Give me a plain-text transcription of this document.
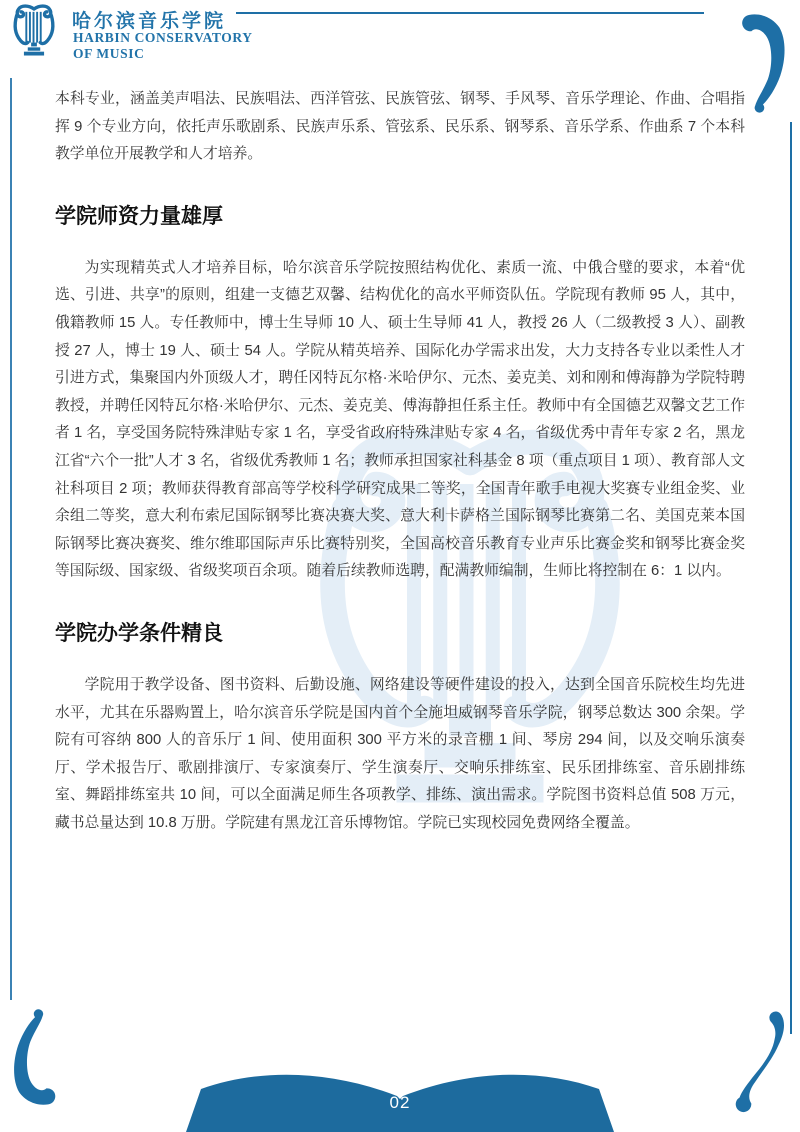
哈尔滨音乐学院
HARBIN CONSERVATORY
OF MUSIC

本科专业，涵盖美声唱法、民族唱法、西洋管弦、民族管弦、钢琴、手风琴、音乐学理论、作曲、合唱指挥 9 个专业方向，依托声乐歌剧系、民族声乐系、管弦系、民乐系、钢琴系、音乐学系、作曲系 7 个本科教学单位开展教学和人才培养。

学院师资力量雄厚

为实现精英式人才培养目标，哈尔滨音乐学院按照结构优化、素质一流、中俄合璧的要求，本着“优选、引进、共享”的原则，组建一支德艺双馨、结构优化的高水平师资队伍。学院现有教师 95 人，其中，俄籍教师 15 人。专任教师中，博士生导师 10 人、硕士生导师 41 人，教授 26 人（二级教授 3 人）、副教授 27 人，博士 19 人、硕士 54 人。学院从精英培养、国际化办学需求出发，大力支持各专业以柔性人才引进方式，集聚国内外顶级人才，聘任冈特瓦尔格·米哈伊尔、元杰、姜克美、刘和刚和傅海静为学院特聘教授，并聘任冈特瓦尔格·米哈伊尔、元杰、姜克美、傅海静担任系主任。教师中有全国德艺双馨文艺工作者 1 名，享受国务院特殊津贴专家 1 名，享受省政府特殊津贴专家 4 名，省级优秀中青年专家 2 名，黑龙江省“六个一批”人才 3 名，省级优秀教师 1 名；教师承担国家社科基金 8 项（重点项目 1 项）、教育部人文社科项目 2 项；教师获得教育部高等学校科学研究成果二等奖，全国青年歌手电视大奖赛专业组金奖、业余组二等奖，意大利布索尼国际钢琴比赛决赛大奖、意大利卡萨格兰国际钢琴比赛第二名、美国克莱本国际钢琴比赛决赛奖、维尔维耶国际声乐比赛特别奖，全国高校音乐教育专业声乐比赛金奖和钢琴比赛金奖等国际级、国家级、省级奖项百余项。随着后续教师选聘，配满教师编制，生师比将控制在 6：1 以内。

学院办学条件精良

学院用于教学设备、图书资料、后勤设施、网络建设等硬件建设的投入，达到全国音乐院校生均先进水平，尤其在乐器购置上，哈尔滨音乐学院是国内首个全施坦威钢琴音乐学院，钢琴总数达 300 余架。学院有可容纳 800 人的音乐厅 1 间、使用面积 300 平方米的录音棚 1 间、琴房 294 间，以及交响乐演奏厅、学术报告厅、歌剧排演厅、专家演奏厅、学生演奏厅、交响乐排练室、民乐团排练室、音乐剧排练室、舞蹈排练室共 10 间，可以全面满足师生各项教学、排练、演出需求。学院图书资料总值 508 万元，藏书总量达到 10.8 万册。学院建有黑龙江音乐博物馆。学院已实现校园免费网络全覆盖。

02
